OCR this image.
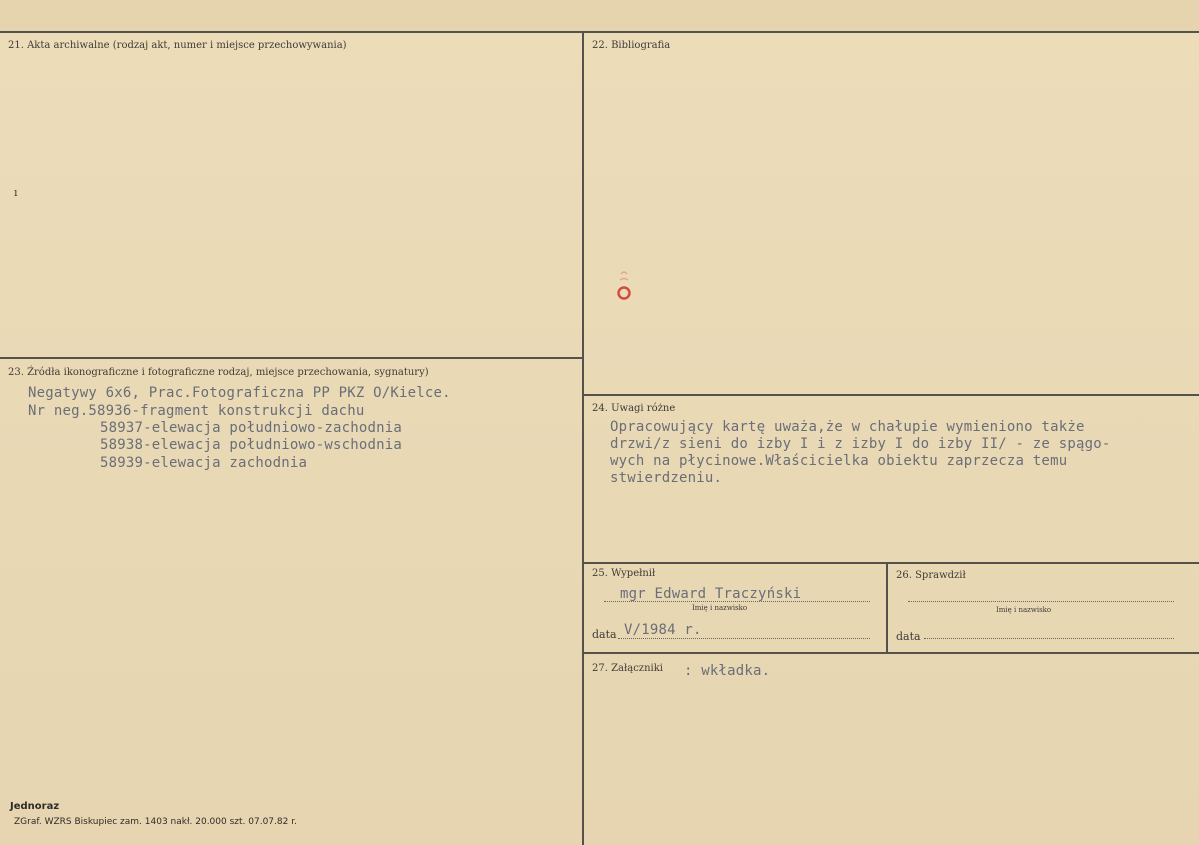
21. Akta archiwalne (rodzaj akt, numer i miejsce przechowywania)	22. Bibliografia
23. Źródła ikonograficzne i fotograficzne rodzaj, miejsce przechowania, sygnatury)
24. Uwagi różne
25. Wypełnił	26. Sprawdził
27. Załączniki
ı
Negatywy 6x6, Prac.Fotograficzna PP PKZ O/Kielce.
Nr neg.58936-fragment konstrukcji dachu
58937-elewacja południowo-zachodnia
58938-elewacja południowo-wschodnia
58939-elewacja zachodnia
Opracowujący kartę uważa,że w chałupie wymieniono także
drzwi/z sieni do izby I i z izby I do izby II/ - ze spągo-
wych na płycinowe.Właścicielka obiektu zaprzecza temu
stwierdzeniu.
mgr Edward Traczyński
Imię i nazwisko
data V/1984 r.
Imię i nazwisko
data
: wkładka.
Jednoraz
ZGraf. WZRS Biskupiec zam. 1403 nakł. 20.000 szt. 07.07.82 r.
